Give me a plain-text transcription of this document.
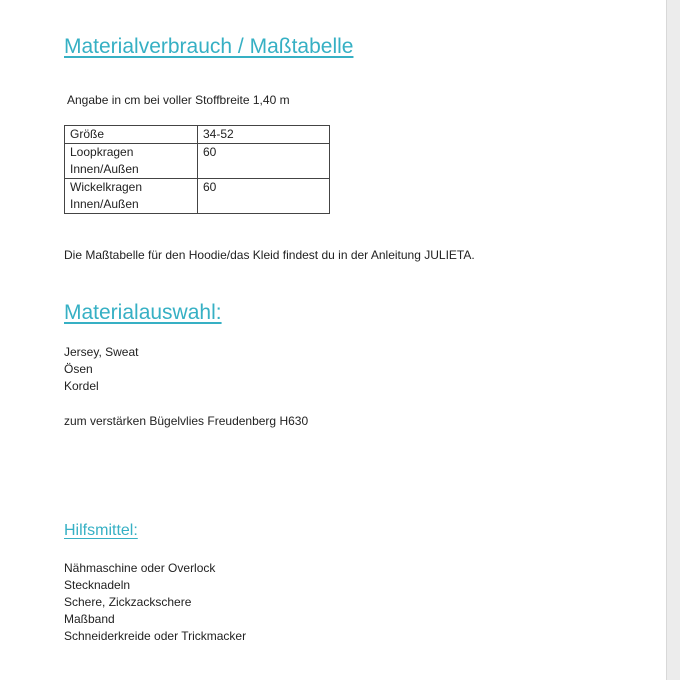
Materialverbrauch / Maßtabelle
Angabe in cm bei voller Stoffbreite 1,40 m
Größe	34-52

Loopkragen
Innen/Außen	60

Wickelkragen
Innen/Außen	60
Die Maßtabelle für den Hoodie/das Kleid findest du in der Anleitung JULIETA.
Materialauswahl:
Jersey, Sweat
Ösen
Kordel
zum verstärken Bügelvlies Freudenberg H630
Hilfsmittel:
Nähmaschine oder Overlock
Stecknadeln
Schere, Zickzackschere
Maßband
Schneiderkreide oder Trickmacker
